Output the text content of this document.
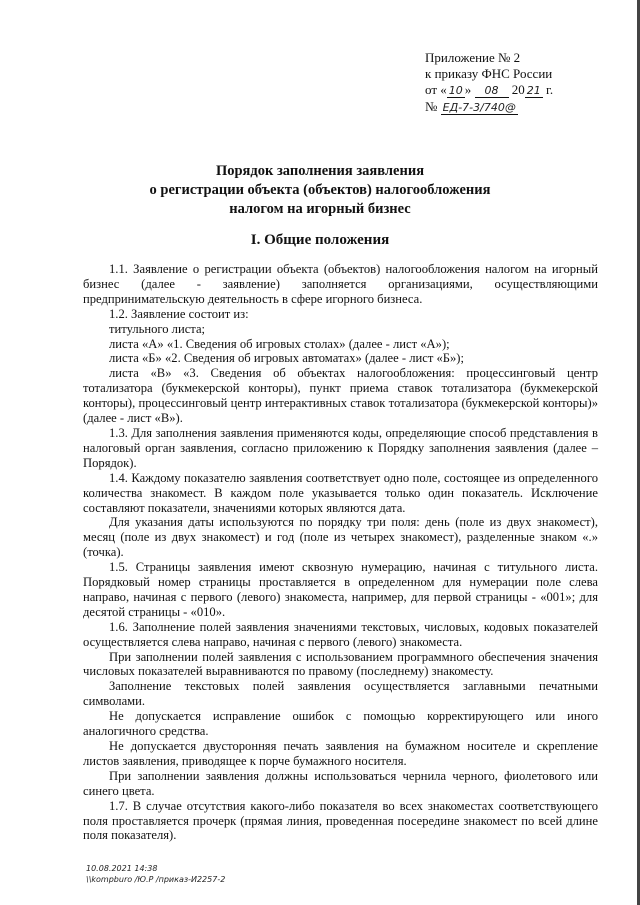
Приложение № 2
к приказу ФНС России
от « 10 » 08 20 21 г.
№ ЕД-7-3/740@
Порядок заполнения заявления
о регистрации объекта (объектов) налогообложения
налогом на игорный бизнес
I. Общие положения

1.1. Заявление о регистрации объекта (объектов) налогообложения налогом на игорный бизнес (далее - заявление) заполняется организациями, осуществляющими предпринимательскую деятельность в сфере игорного бизнеса.

1.2. Заявление состоит из:

титульного листа;

листа «А» «1. Сведения об игровых столах» (далее - лист «А»);

листа «Б» «2. Сведения об игровых автоматах» (далее - лист «Б»);

листа «В» «3. Сведения об объектах налогообложения: процессинговый центр тотализатора (букмекерской конторы), пункт приема ставок тотализатора (букмекерской конторы), процессинговый центр интерактивных ставок тотализатора (букмекерской конторы)» (далее - лист «В»).

1.3. Для заполнения заявления применяются коды, определяющие способ представления в налоговый орган заявления, согласно приложению к Порядку заполнения заявления (далее – Порядок).

1.4. Каждому показателю заявления соответствует одно поле, состоящее из определенного количества знакомест. В каждом поле указывается только один показатель. Исключение составляют показатели, значениями которых являются дата.

Для указания даты используются по порядку три поля: день (поле из двух знакомест), месяц (поле из двух знакомест) и год (поле из четырех знакомест), разделенные знаком «.» (точка).

1.5. Страницы заявления имеют сквозную нумерацию, начиная с титульного листа. Порядковый номер страницы проставляется в определенном для нумерации поле слева направо, начиная с первого (левого) знакоместа, например, для первой страницы - «001»; для десятой страницы - «010».

1.6. Заполнение полей заявления значениями текстовых, числовых, кодовых показателей осуществляется слева направо, начиная с первого (левого) знакоместа.

При заполнении полей заявления с использованием программного обеспечения значения числовых показателей выравниваются по правому (последнему) знакоместу.

Заполнение текстовых полей заявления осуществляется заглавными печатными символами.

Не допускается исправление ошибок с помощью корректирующего или иного аналогичного средства.

Не допускается двусторонняя печать заявления на бумажном носителе и скрепление листов заявления, приводящее к порче бумажного носителя.

При заполнении заявления должны использоваться чернила черного, фиолетового или синего цвета.

1.7. В случае отсутствия какого-либо показателя во всех знакоместах соответствующего поля проставляется прочерк (прямая линия, проведенная посередине знакомест по всей длине поля показателя).

10.08.2021 14:38
\\kompburo /Ю.Р /приказ-И2257-2
